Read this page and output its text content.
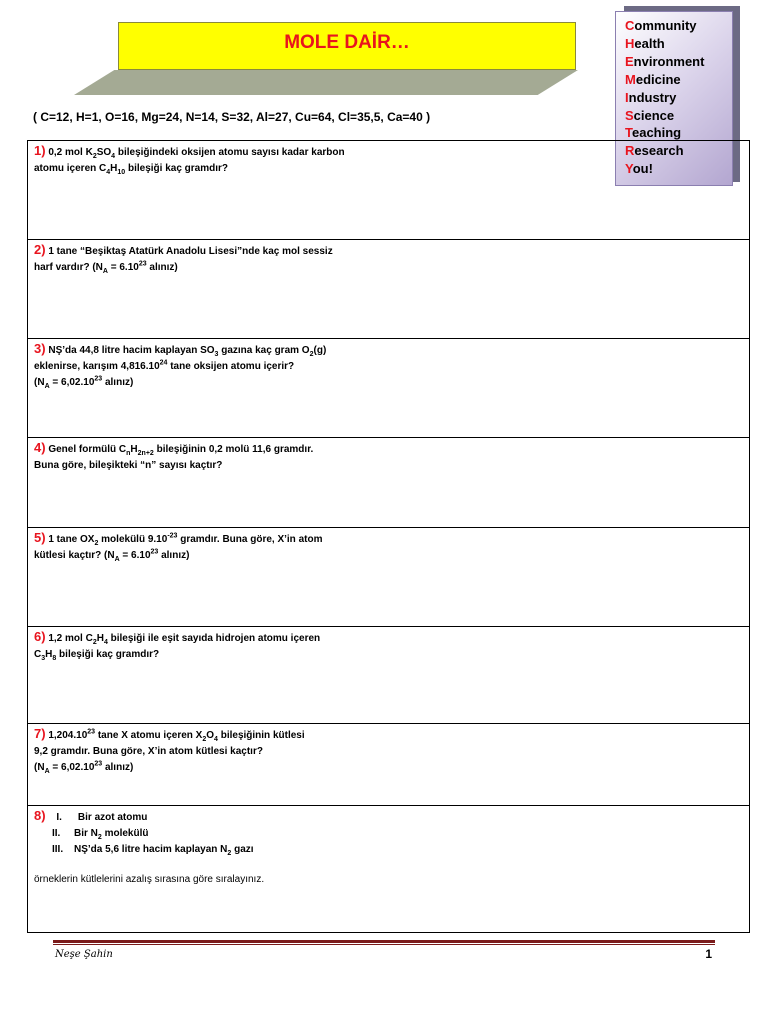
MOLE DAİR…
Community
Health
Environment
Medicine
Industry
Science
Teaching
Research
You!
( C=12, H=1, O=16, Mg=24, N=14, S=32, Al=27, Cu=64, Cl=35,5, Ca=40 )
1) 0,2 mol $K_2SO_4$ bileşiğindeki oksijen atomu sayısı kadar karbon
atomu içeren $C_4H_{10}$ bileşiği kaç gramdır?
2) 1 tane “Beşiktaş Atatürk Anadolu Lisesi”nde kaç mol sessiz
harf vardır? ($N_A = 6.10^{23}$ alınız)
3) NŞ’da 44,8 litre hacim kaplayan $SO_3$ gazına kaç gram $O_2(g)$
eklenirse, karışım 4,816.10$^{24}$ tane oksijen atomu içerir?
($N_A = 6,02.10^{23}$ alınız)
4) Genel formülü $C_nH_{2n+2}$ bileşiğinin 0,2 molü 11,6 gramdır.
Buna göre, bileşikteki “n” sayısı kaçtır?
5) 1 tane $OX_2$ molekülü $9.10^{-23}$ gramdır. Buna göre, X’in atom
kütlesi kaçtır? ($N_A = 6.10^{23}$ alınız)
6) 1,2 mol $C_2H_4$ bileşiği ile eşit sayıda hidrojen atomu içeren
$C_3H_8$ bileşiği kaç gramdır?
7) 1,204.10$^{23}$ tane X atomu içeren $X_2O_4$ bileşiğinin kütlesi
9,2 gramdır. Buna göre, X’in atom kütlesi kaçtır?
($N_A = 6,02.10^{23}$ alınız)
8) I. Bir azot atomu
II. Bir $N_2$ molekülü
III. NŞ’da 5,6 litre hacim kaplayan $N_2$ gazı
örneklerin kütlelerini azalış sırasına göre sıralayınız.
Neşe Şahin	1
